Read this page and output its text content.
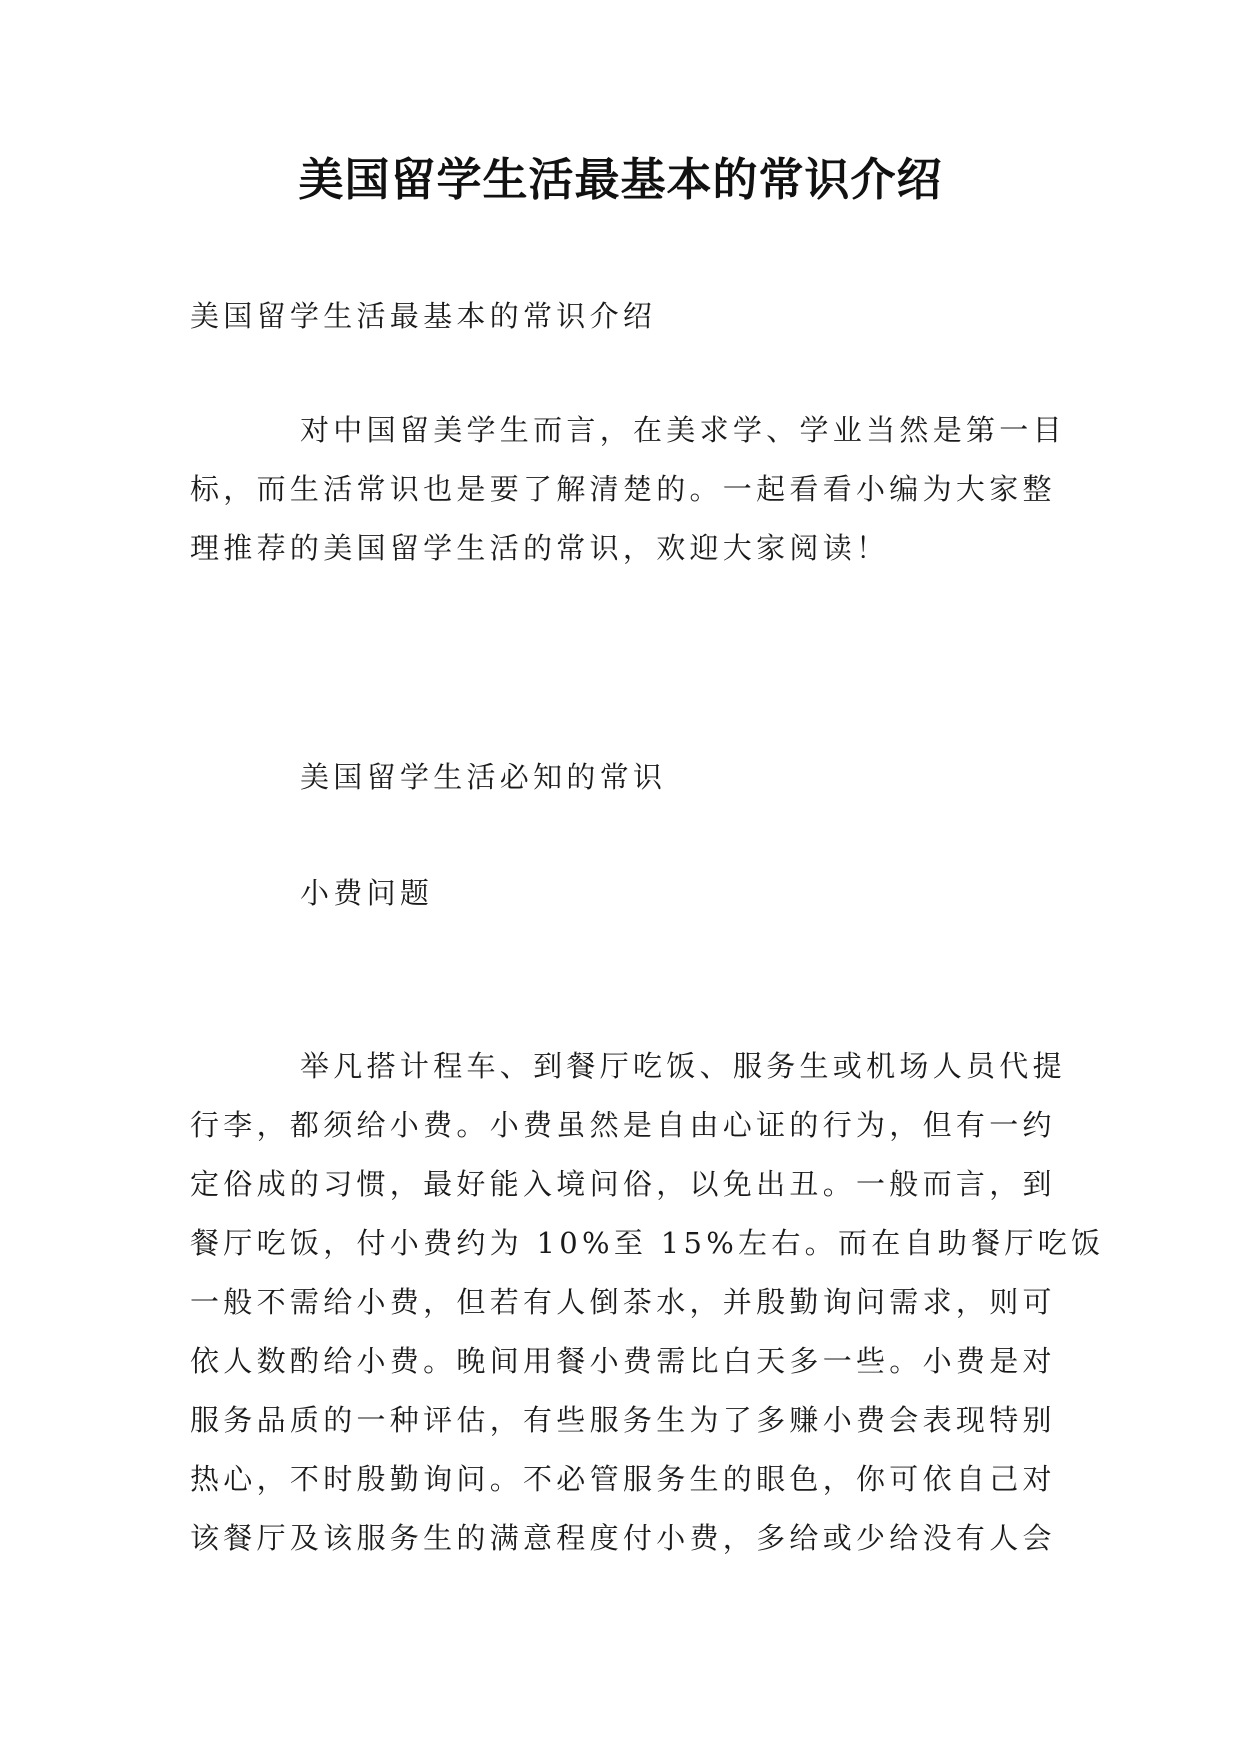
美国留学生活最基本的常识介绍

美国留学生活最基本的常识介绍

对中国留美学生而言，在美求学、学业当然是第一目

标，而生活常识也是要了解清楚的。一起看看小编为大家整

理推荐的美国留学生活的常识，欢迎大家阅读！

美国留学生活必知的常识

小费问题

举凡搭计程车、到餐厅吃饭、服务生或机场人员代提

行李，都须给小费。小费虽然是自由心证的行为，但有一约

定俗成的习惯，最好能入境问俗，以免出丑。一般而言，到

餐厅吃饭，付小费约为 10%至 15%左右。而在自助餐厅吃饭

一般不需给小费，但若有人倒茶水，并殷勤询问需求，则可

依人数酌给小费。晚间用餐小费需比白天多一些。小费是对

服务品质的一种评估，有些服务生为了多赚小费会表现特别

热心，不时殷勤询问。不必管服务生的眼色，你可依自己对

该餐厅及该服务生的满意程度付小费，多给或少给没有人会
